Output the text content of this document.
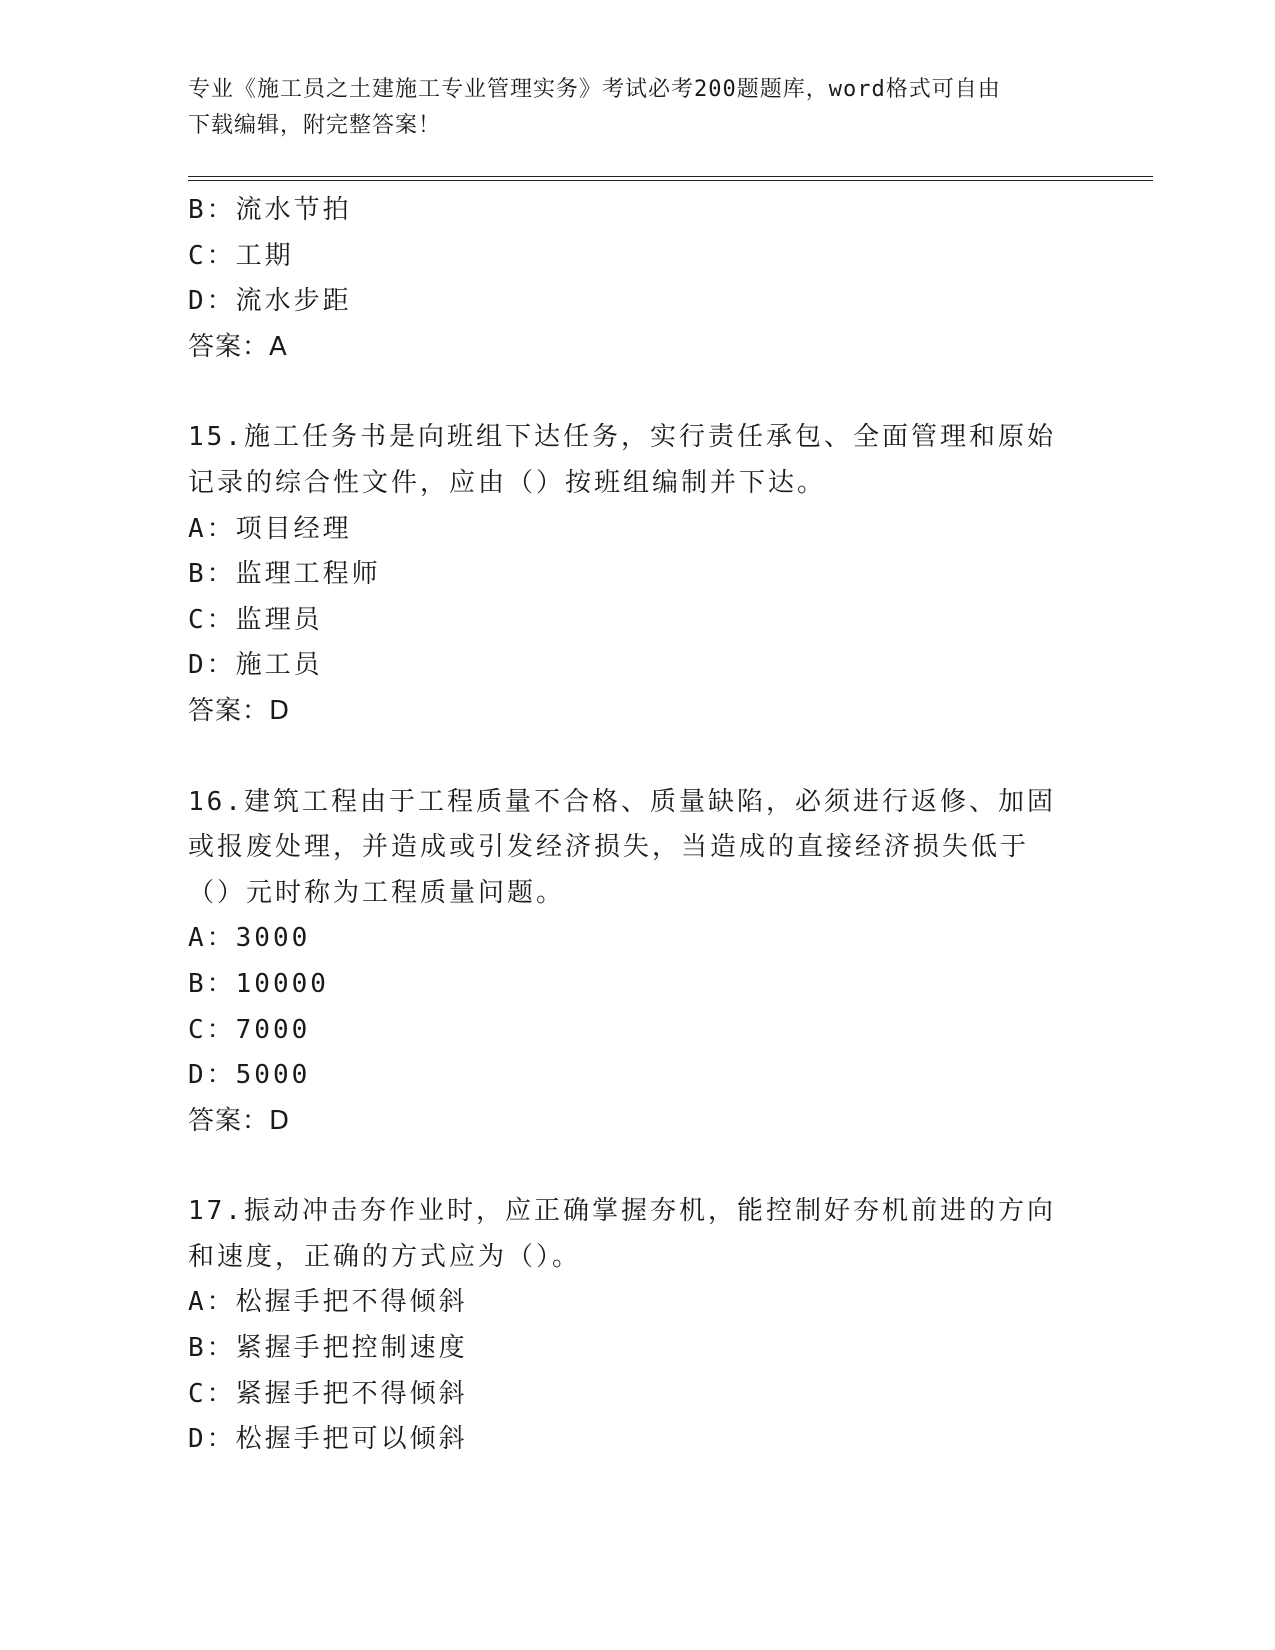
专业《施工员之土建施工专业管理实务》考试必考200题题库，word格式可自由
下载编辑，附完整答案！
B：流水节拍
C：工期
D：流水步距
答案：A
15.施工任务书是向班组下达任务，实行责任承包、全面管理和原始记录的综合性文件，应由（）按班组编制并下达。
A：项目经理
B：监理工程师
C：监理员
D：施工员
答案：D
16.建筑工程由于工程质量不合格、质量缺陷，必须进行返修、加固或报废处理，并造成或引发经济损失，当造成的直接经济损失低于（）元时称为工程质量问题。
A：3000
B：10000
C：7000
D：5000
答案：D
17.振动冲击夯作业时，应正确掌握夯机，能控制好夯机前进的方向和速度，正确的方式应为（）。
A：松握手把不得倾斜
B：紧握手把控制速度
C：紧握手把不得倾斜
D：松握手把可以倾斜
